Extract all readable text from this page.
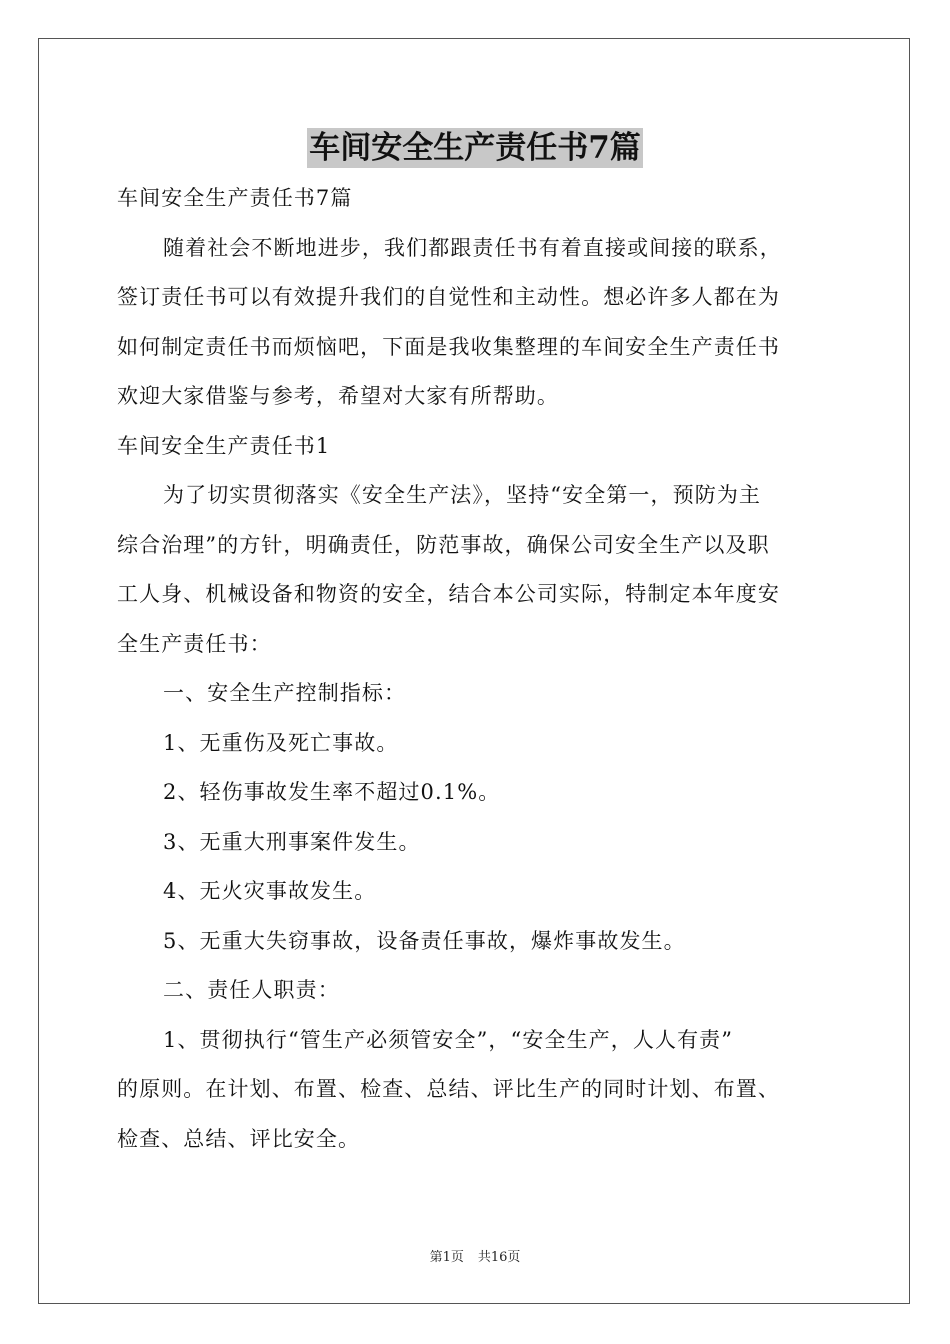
车间安全生产责任书7篇
车间安全生产责任书7篇
随着社会不断地进步，我们都跟责任书有着直接或间接的联系，
签订责任书可以有效提升我们的自觉性和主动性。想必许多人都在为
如何制定责任书而烦恼吧，下面是我收集整理的车间安全生产责任书
欢迎大家借鉴与参考，希望对大家有所帮助。
车间安全生产责任书1
为了切实贯彻落实《安全生产法》，坚持“安全第一，预防为主
综合治理”的方针，明确责任，防范事故，确保公司安全生产以及职
工人身、机械设备和物资的安全，结合本公司实际，特制定本年度安
全生产责任书：
一、安全生产控制指标：
1、无重伤及死亡事故。
2、轻伤事故发生率不超过0.1%。
3、无重大刑事案件发生。
4、无火灾事故发生。
5、无重大失窃事故，设备责任事故，爆炸事故发生。
二、责任人职责：
1、贯彻执行“管生产必须管安全”，“安全生产，人人有责”
的原则。在计划、布置、检查、总结、评比生产的同时计划、布置、
检查、总结、评比安全。
第1页 共16页
